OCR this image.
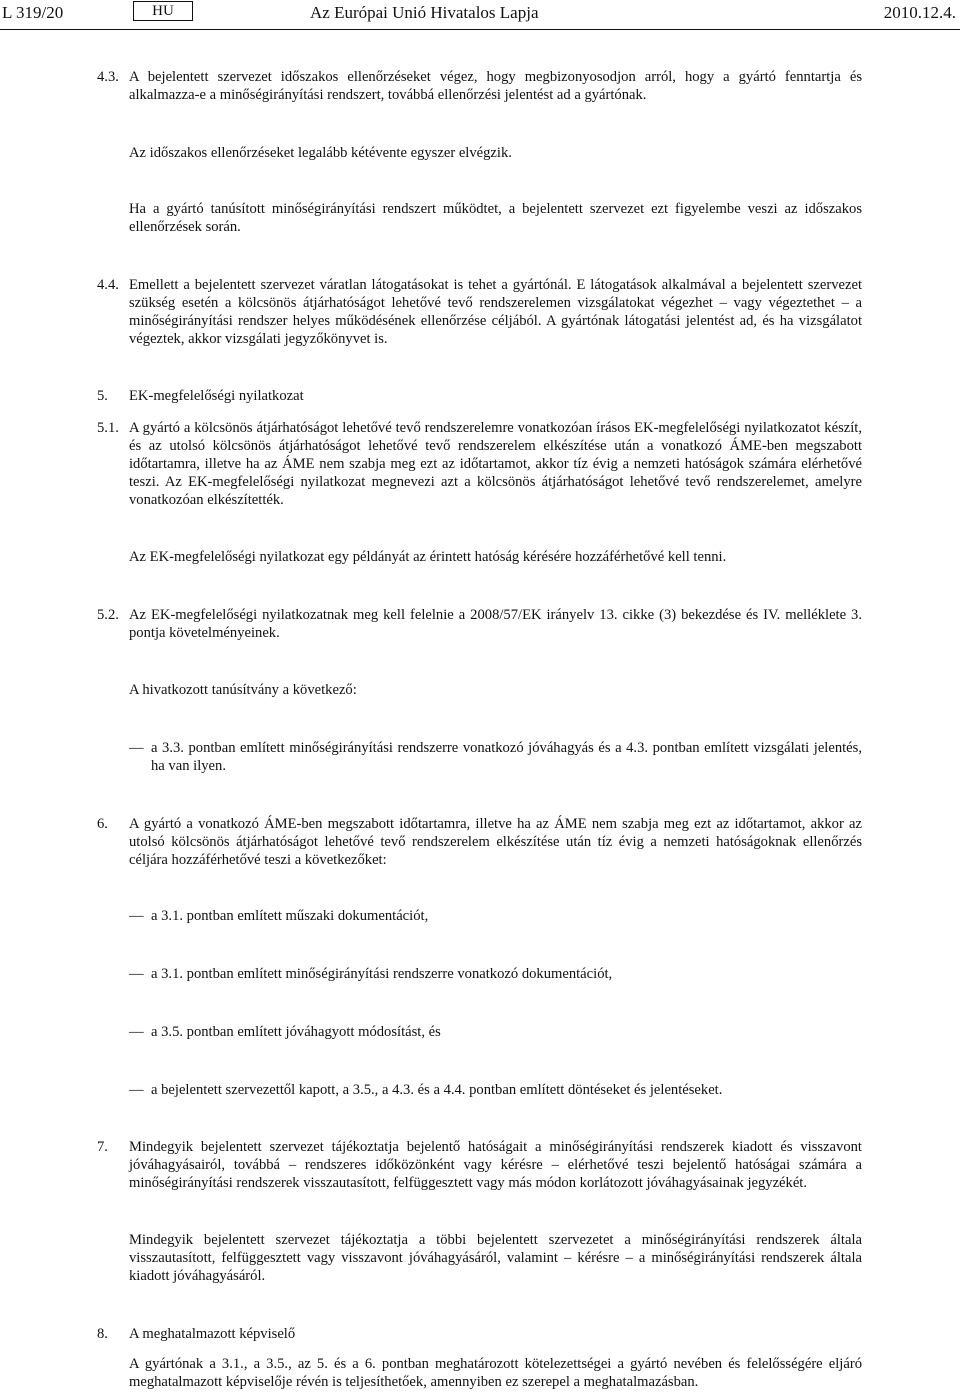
L 319/20	HU	Az Európai Unió Hivatalos Lapja	2010.12.4.
4.3. A bejelentett szervezet időszakos ellenőrzéseket végez, hogy megbizonyosodjon arról, hogy a gyártó fenntartja és alkalmazza-e a minőségirányítási rendszert, továbbá ellenőrzési jelentést ad a gyártónak.
Az időszakos ellenőrzéseket legalább kétévente egyszer elvégzik.
Ha a gyártó tanúsított minőségirányítási rendszert működtet, a bejelentett szervezet ezt figyelembe veszi az időszakos ellenőrzések során.
4.4. Emellett a bejelentett szervezet váratlan látogatásokat is tehet a gyártónál. E látogatások alkalmával a bejelentett szervezet szükség esetén a kölcsönös átjárhatóságot lehetővé tevő rendszerelemen vizsgálatokat végezhet – vagy végeztethet – a minőségirányítási rendszer helyes működésének ellenőrzése céljából. A gyártónak látogatási jelentést ad, és ha vizsgálatot végeztek, akkor vizsgálati jegyzőkönyvet is.
5. EK-megfelelőségi nyilatkozat
5.1. A gyártó a kölcsönös átjárhatóságot lehetővé tevő rendszerelemre vonatkozóan írásos EK-megfelelőségi nyilatkozatot készít, és az utolsó kölcsönös átjárhatóságot lehetővé tevő rendszerelem elkészítése után a vonatkozó ÁME-ben megszabott időtartamra, illetve ha az ÁME nem szabja meg ezt az időtartamot, akkor tíz évig a nemzeti hatóságok számára elérhetővé teszi. Az EK-megfelelőségi nyilatkozat megnevezi azt a kölcsönös átjárhatóságot lehetővé tevő rendszerelemet, amelyre vonatkozóan elkészítették.
Az EK-megfelelőségi nyilatkozat egy példányát az érintett hatóság kérésére hozzáférhetővé kell tenni.
5.2. Az EK-megfelelőségi nyilatkozatnak meg kell felelnie a 2008/57/EK irányelv 13. cikke (3) bekezdése és IV. melléklete 3. pontja követelményeinek.
A hivatkozott tanúsítvány a következő:
— a 3.3. pontban említett minőségirányítási rendszerre vonatkozó jóváhagyás és a 4.3. pontban említett vizsgálati jelentés, ha van ilyen.
6. A gyártó a vonatkozó ÁME-ben megszabott időtartamra, illetve ha az ÁME nem szabja meg ezt az időtartamot, akkor az utolsó kölcsönös átjárhatóságot lehetővé tevő rendszerelem elkészítése után tíz évig a nemzeti hatóságoknak ellenőrzés céljára hozzáférhetővé teszi a következőket:
— a 3.1. pontban említett műszaki dokumentációt,
— a 3.1. pontban említett minőségirányítási rendszerre vonatkozó dokumentációt,
— a 3.5. pontban említett jóváhagyott módosítást, és
— a bejelentett szervezettől kapott, a 3.5., a 4.3. és a 4.4. pontban említett döntéseket és jelentéseket.
7. Mindegyik bejelentett szervezet tájékoztatja bejelentő hatóságait a minőségirányítási rendszerek kiadott és visszavont jóváhagyásairól, továbbá – rendszeres időközönként vagy kérésre – elérhetővé teszi bejelentő hatóságai számára a minőségirányítási rendszerek visszautasított, felfüggesztett vagy más módon korlátozott jóváhagyásainak jegyzékét.
Mindegyik bejelentett szervezet tájékoztatja a többi bejelentett szervezetet a minőségirányítási rendszerek általa visszautasított, felfüggesztett vagy visszavont jóváhagyásáról, valamint – kérésre – a minőségirányítási rendszerek általa kiadott jóváhagyásáról.
8. A meghatalmazott képviselő
A gyártónak a 3.1., a 3.5., az 5. és a 6. pontban meghatározott kötelezettségei a gyártó nevében és felelősségére eljáró meghatalmazott képviselője révén is teljesíthetőek, amennyiben ez szerepel a meghatalmazásban.
